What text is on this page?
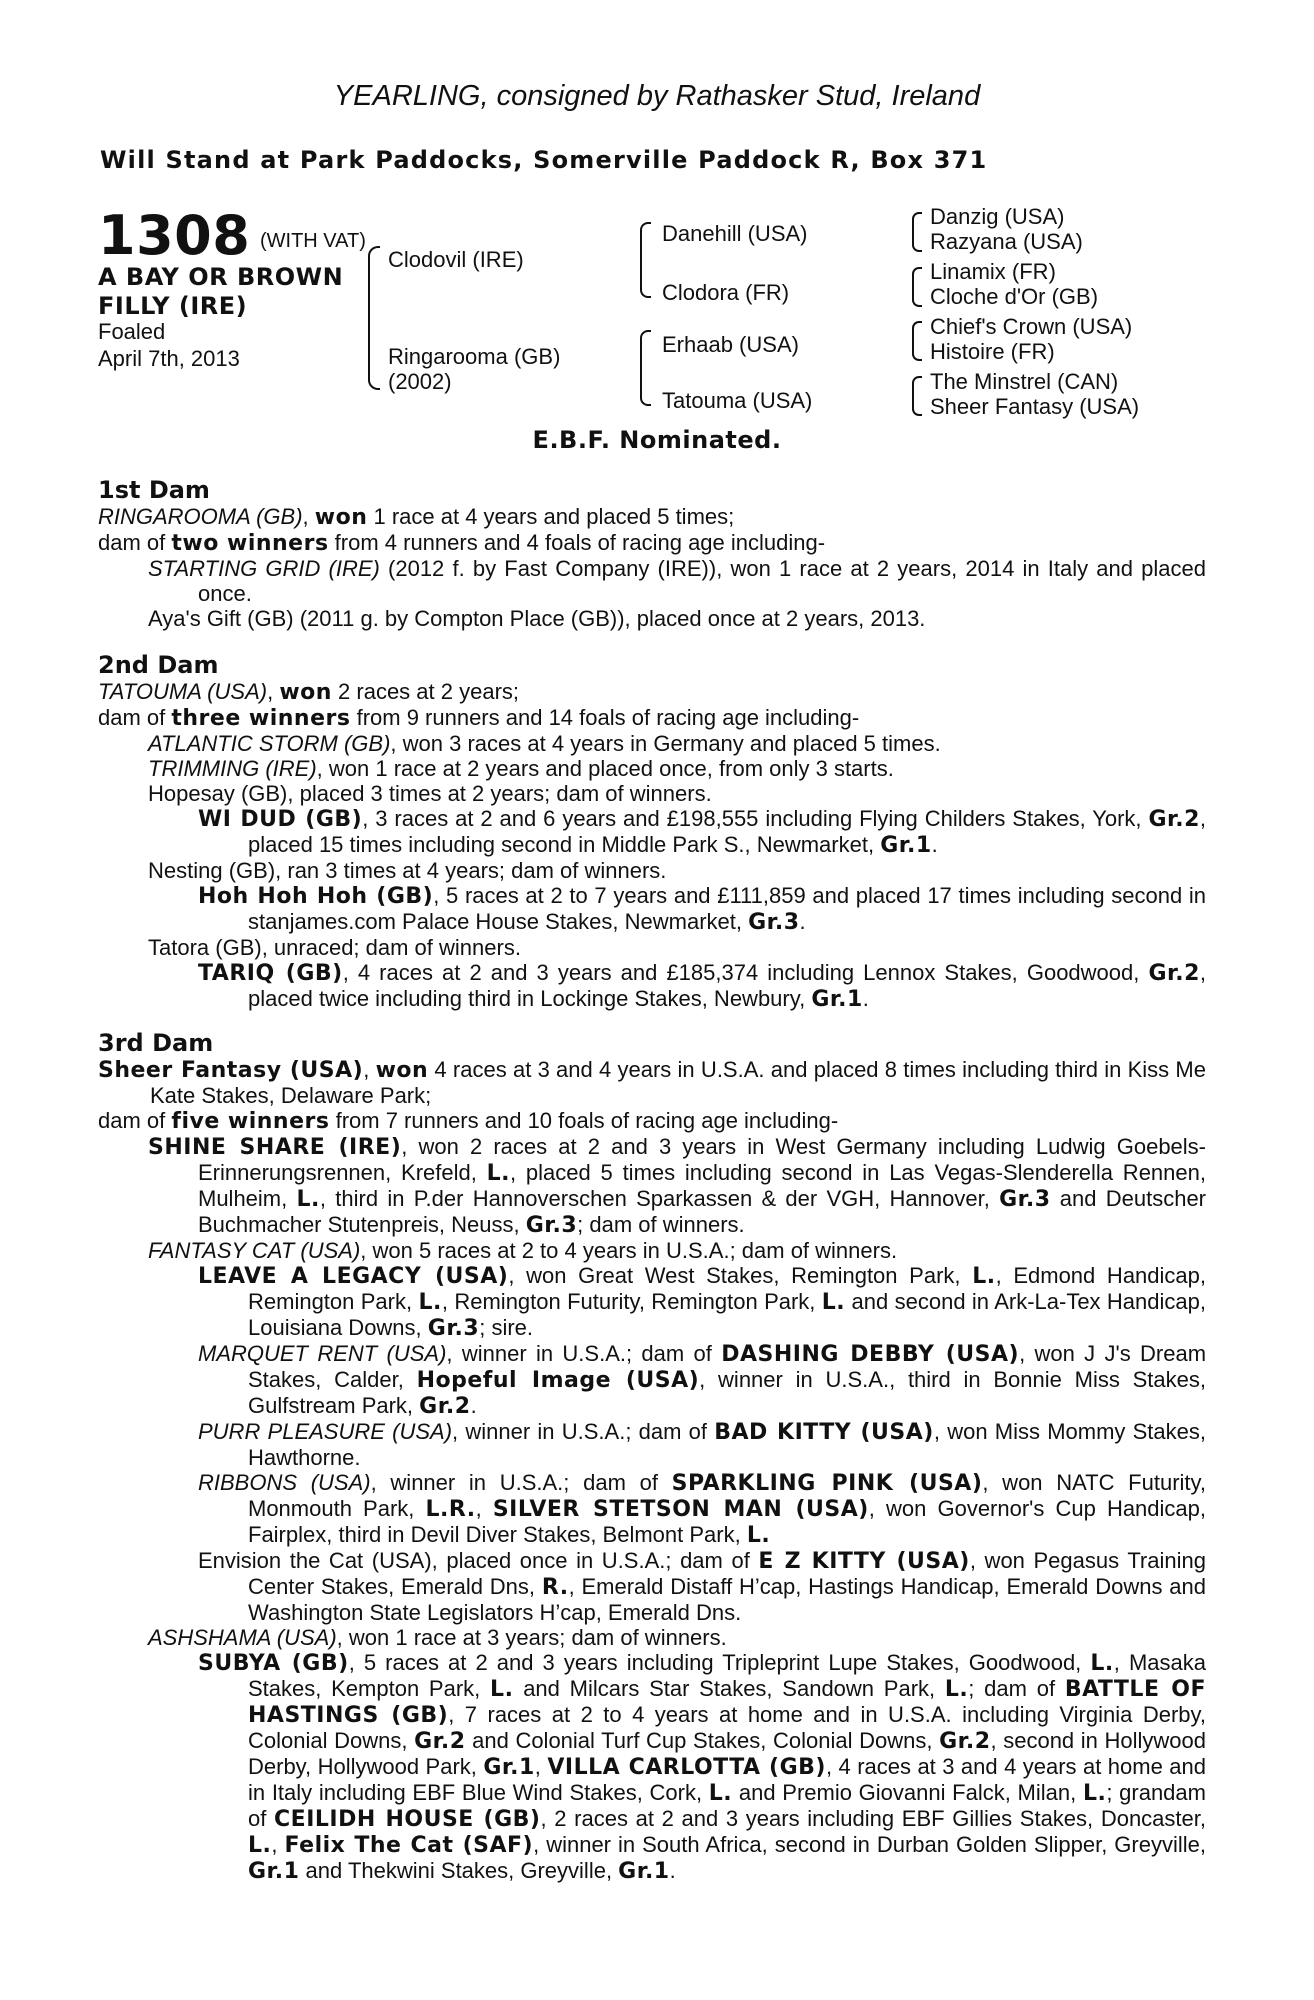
YEARLING, consigned by Rathasker Stud, Ireland
Will Stand at Park Paddocks, Somerville Paddock R, Box 371
1308 (WITH VAT)
A BAY OR BROWN
FILLY (IRE)
Foaled
April 7th, 2013
Clodovil (IRE)
Ringarooma (GB)
(2002)
Danehill (USA)
Clodora (FR)
Erhaab (USA)
Tatouma (USA)
Danzig (USA)
Razyana (USA)
Linamix (FR)
Cloche d'Or (GB)
Chief's Crown (USA)
Histoire (FR)
The Minstrel (CAN)
Sheer Fantasy (USA)
E.B.F. Nominated.

1st Dam

RINGAROOMA (GB), won 1 race at 4 years and placed 5 times;

dam of two winners from 4 runners and 4 foals of racing age including-

STARTING GRID (IRE) (2012 f. by Fast Company (IRE)), won 1 race at 2 years, 2014 in Italy and placed once.

Aya's Gift (GB) (2011 g. by Compton Place (GB)), placed once at 2 years, 2013.

2nd Dam

TATOUMA (USA), won 2 races at 2 years;

dam of three winners from 9 runners and 14 foals of racing age including-

ATLANTIC STORM (GB), won 3 races at 4 years in Germany and placed 5 times.

TRIMMING (IRE), won 1 race at 2 years and placed once, from only 3 starts.

Hopesay (GB), placed 3 times at 2 years; dam of winners.

WI DUD (GB), 3 races at 2 and 6 years and £198,555 including Flying Childers Stakes, York, Gr.2, placed 15 times including second in Middle Park S., Newmarket, Gr.1.

Nesting (GB), ran 3 times at 4 years; dam of winners.

Hoh Hoh Hoh (GB), 5 races at 2 to 7 years and £111,859 and placed 17 times including second in stanjames.com Palace House Stakes, Newmarket, Gr.3.

Tatora (GB), unraced; dam of winners.

TARIQ (GB), 4 races at 2 and 3 years and £185,374 including Lennox Stakes, Goodwood, Gr.2, placed twice including third in Lockinge Stakes, Newbury, Gr.1.

3rd Dam

Sheer Fantasy (USA), won 4 races at 3 and 4 years in U.S.A. and placed 8 times including third in Kiss Me Kate Stakes, Delaware Park;

dam of five winners from 7 runners and 10 foals of racing age including-

SHINE SHARE (IRE), won 2 races at 2 and 3 years in West Germany including Ludwig Goebels-Erinnerungsrennen, Krefeld, L., placed 5 times including second in Las Vegas-Slenderella Rennen, Mulheim, L., third in P.der Hannoverschen Sparkassen & der VGH, Hannover, Gr.3 and Deutscher Buchmacher Stutenpreis, Neuss, Gr.3; dam of winners.

FANTASY CAT (USA), won 5 races at 2 to 4 years in U.S.A.; dam of winners.

LEAVE A LEGACY (USA), won Great West Stakes, Remington Park, L., Edmond Handicap, Remington Park, L., Remington Futurity, Remington Park, L. and second in Ark-La-Tex Handicap, Louisiana Downs, Gr.3; sire.

MARQUET RENT (USA), winner in U.S.A.; dam of DASHING DEBBY (USA), won J J's Dream Stakes, Calder, Hopeful Image (USA), winner in U.S.A., third in Bonnie Miss Stakes, Gulfstream Park, Gr.2.

PURR PLEASURE (USA), winner in U.S.A.; dam of BAD KITTY (USA), won Miss Mommy Stakes, Hawthorne.

RIBBONS (USA), winner in U.S.A.; dam of SPARKLING PINK (USA), won NATC Futurity, Monmouth Park, L.R., SILVER STETSON MAN (USA), won Governor's Cup Handicap, Fairplex, third in Devil Diver Stakes, Belmont Park, L.

Envision the Cat (USA), placed once in U.S.A.; dam of E Z KITTY (USA), won Pegasus Training Center Stakes, Emerald Dns, R., Emerald Distaff H’cap, Hastings Handicap, Emerald Downs and Washington State Legislators H’cap, Emerald Dns.

ASHSHAMA (USA), won 1 race at 3 years; dam of winners.

SUBYA (GB), 5 races at 2 and 3 years including Tripleprint Lupe Stakes, Goodwood, L., Masaka Stakes, Kempton Park, L. and Milcars Star Stakes, Sandown Park, L.; dam of BATTLE OF HASTINGS (GB), 7 races at 2 to 4 years at home and in U.S.A. including Virginia Derby, Colonial Downs, Gr.2 and Colonial Turf Cup Stakes, Colonial Downs, Gr.2, second in Hollywood Derby, Hollywood Park, Gr.1, VILLA CARLOTTA (GB), 4 races at 3 and 4 years at home and in Italy including EBF Blue Wind Stakes, Cork, L. and Premio Giovanni Falck, Milan, L.; grandam of CEILIDH HOUSE (GB), 2 races at 2 and 3 years including EBF Gillies Stakes, Doncaster, L., Felix The Cat (SAF), winner in South Africa, second in Durban Golden Slipper, Greyville, Gr.1 and Thekwini Stakes, Greyville, Gr.1.
